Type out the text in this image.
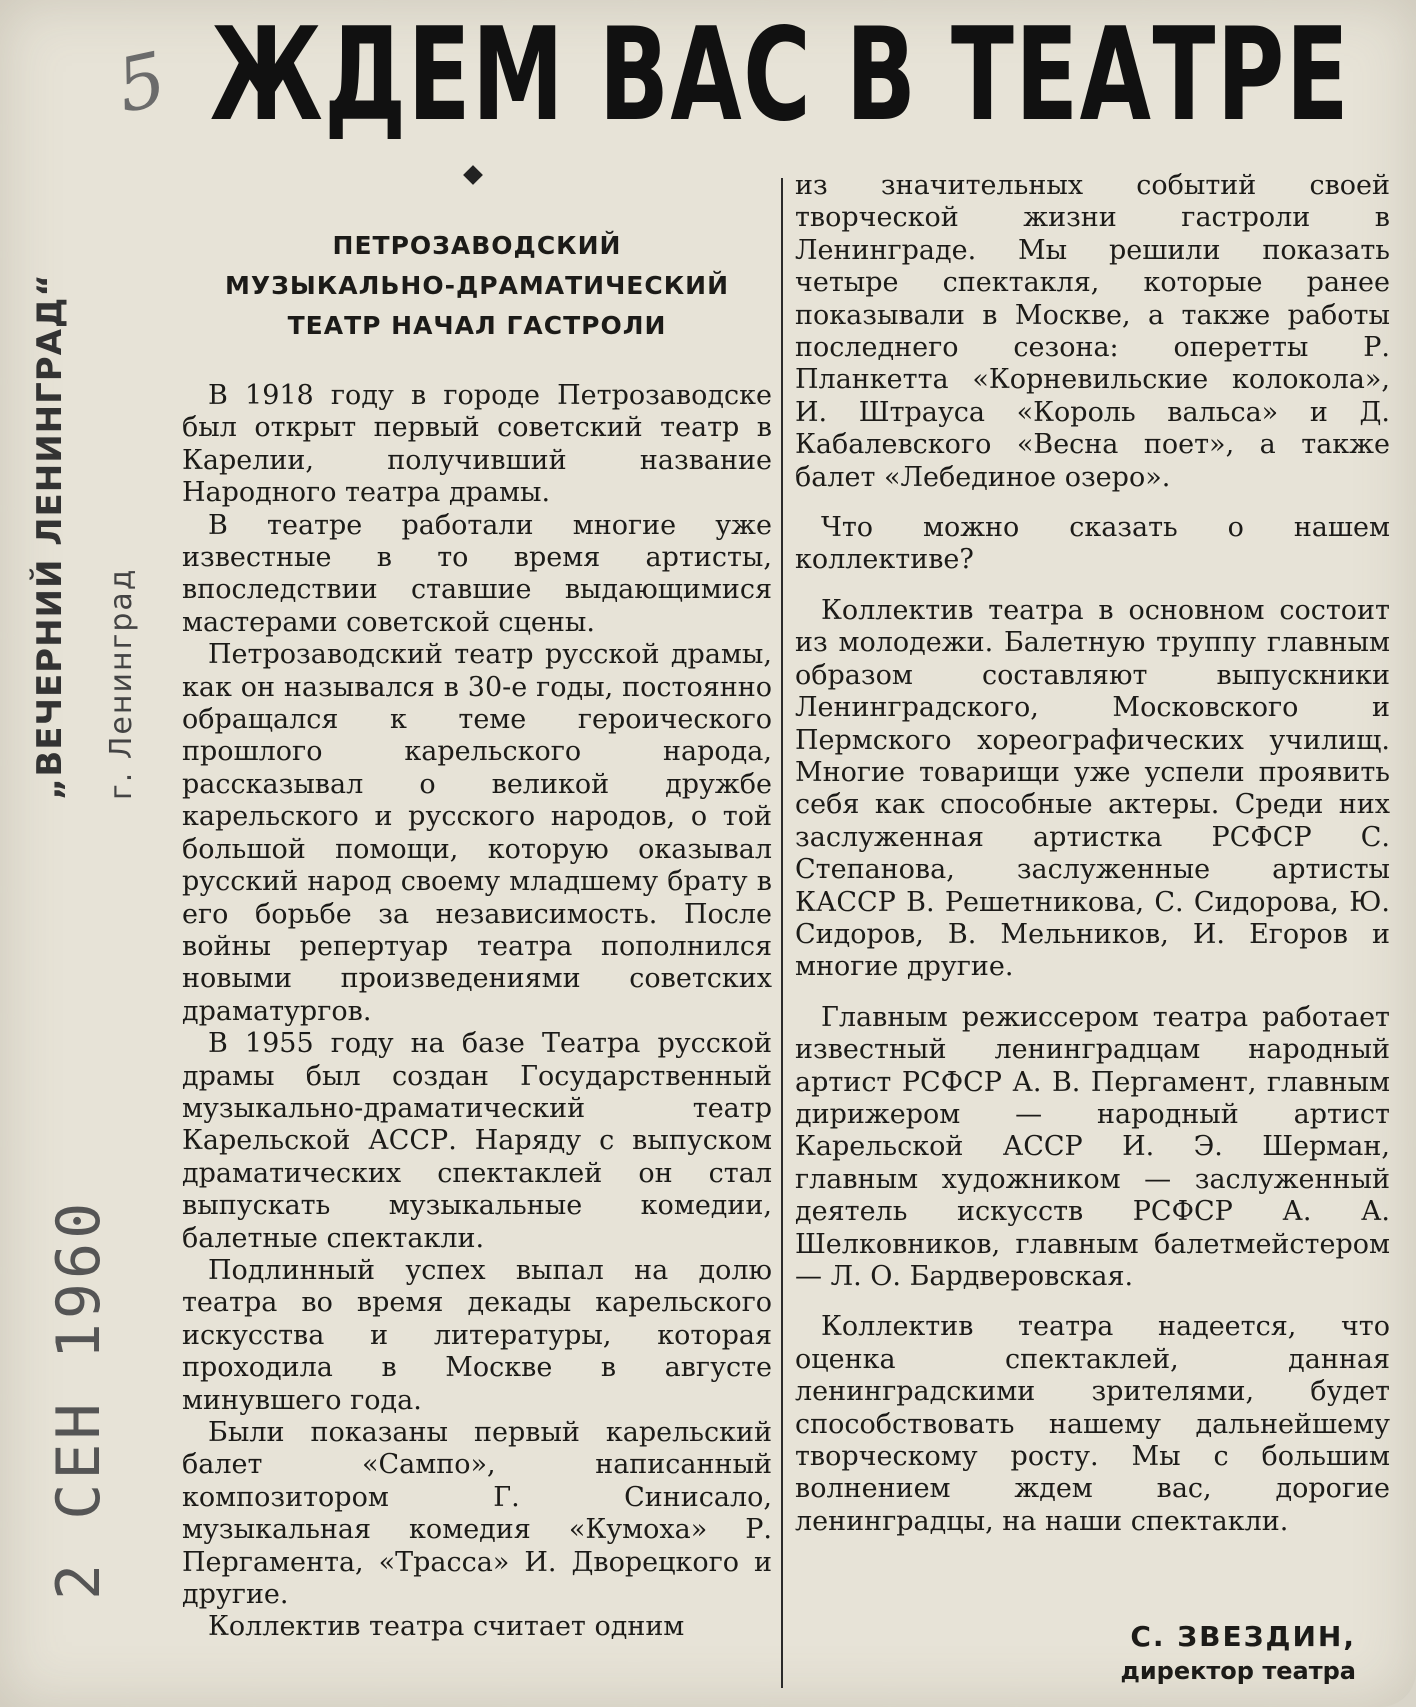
5 ЖДЕМ ВАС В ТЕАТРЕ
„ВЕЧЕРНИЙ ЛЕНИНГРАД“ г. Ленинград
2 СЕН 1960
ПЕТРОЗАВОДСКИЙ
МУЗЫКАЛЬНО-ДРАМАТИЧЕСКИЙ
ТЕАТР НАЧАЛ ГАСТРОЛИ

В 1918 году в городе Петрозаводске был открыт первый советский театр в Карелии, получивший название Народного театра драмы.

В театре работали многие уже известные в то время артисты, впоследствии ставшие выдающимися мастерами советской сцены.

Петрозаводский театр русской драмы, как он назывался в 30-е годы, постоянно обращался к теме героического прошлого карельского народа, рассказывал о великой дружбе карельского и русского народов, о той большой помощи, которую оказывал русский народ своему младшему брату в его борьбе за независимость. После войны репертуар театра пополнился новыми произведениями советских драматургов.

В 1955 году на базе Театра русской драмы был создан Государственный музыкально-драматический театр Карельской АССР. Наряду с выпуском драматических спектаклей он стал выпускать музыкальные комедии, балетные спектакли.

Подлинный успех выпал на долю театра во время декады карельского искусства и литературы, которая проходила в Москве в августе минувшего года.

Были показаны первый карельский балет «Сампо», написанный композитором Г. Синисало, музыкальная комедия «Кумоха» Р. Пергамента, «Трасса» И. Дворецкого и другие.

Коллектив театра считает одним

из значительных событий своей творческой жизни гастроли в Ленинграде. Мы решили показать четыре спектакля, которые ранее показывали в Москве, а также работы последнего сезона: оперетты Р. Планкетта «Корневильские колокола», И. Штрауса «Король вальса» и Д. Кабалевского «Весна поет», а также балет «Лебединое озеро».

Что можно сказать о нашем коллективе?

Коллектив театра в основном состоит из молодежи. Балетную труппу главным образом составляют выпускники Ленинградского, Московского и Пермского хореографических училищ. Многие товарищи уже успели проявить себя как способные актеры. Среди них заслуженная артистка РСФСР С. Степанова, заслуженные артисты КАССР В. Решетникова, С. Сидорова, Ю. Сидоров, В. Мельников, И. Егоров и многие другие.

Главным режиссером театра работает известный ленинградцам народный артист РСФСР А. В. Пергамент, главным дирижером — народный артист Карельской АССР И. Э. Шерман, главным художником — заслуженный деятель искусств РСФСР А. А. Шелковников, главным балетмейстером — Л. О. Бардверовская.

Коллектив театра надеется, что оценка спектаклей, данная ленинградскими зрителями, будет способствовать нашему дальнейшему творческому росту. Мы с большим волнением ждем вас, дорогие ленинградцы, на наши спектакли.

С. ЗВЕЗДИН,
директор театра
